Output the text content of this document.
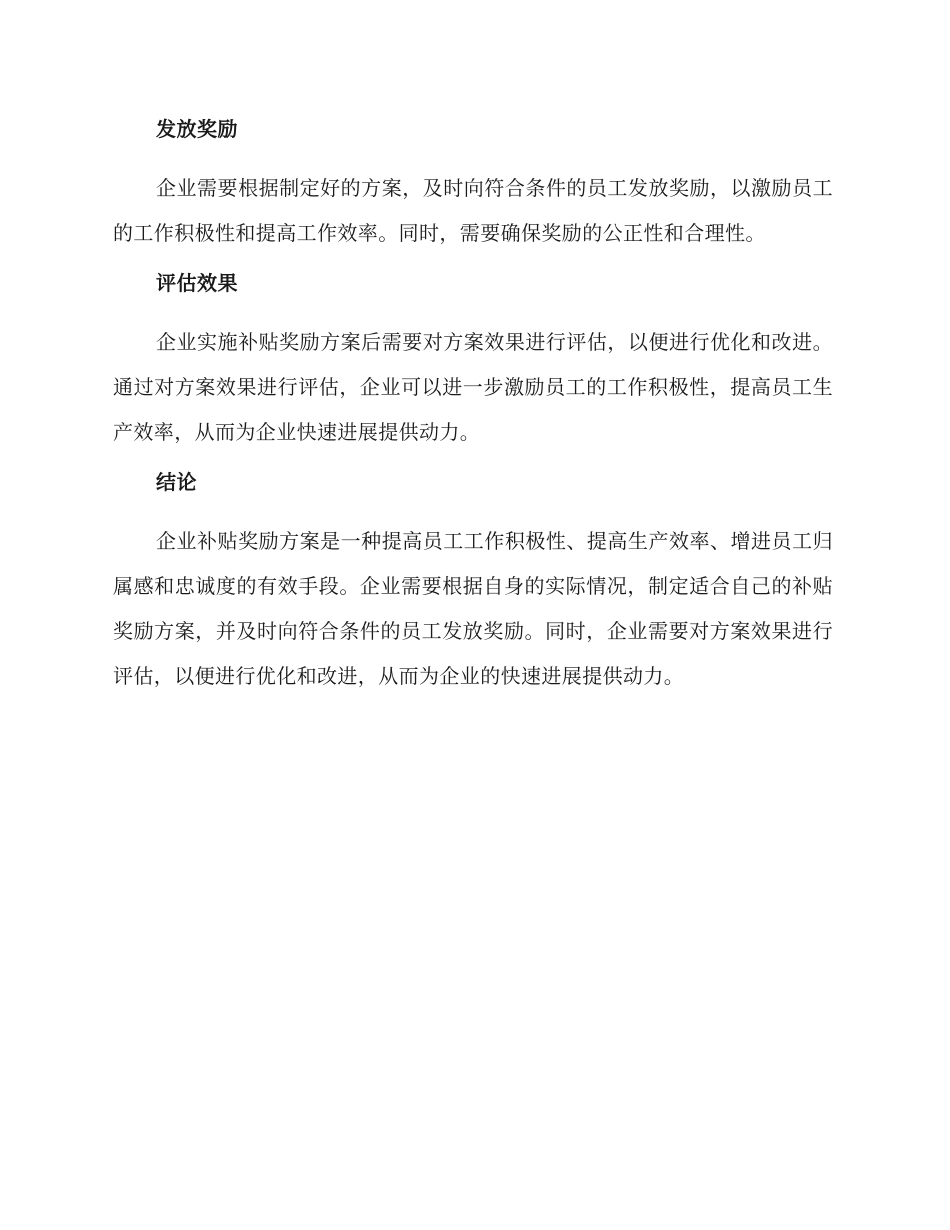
发放奖励

企业需要根据制定好的方案，及时向符合条件的员工发放奖励，以激励员工的工作积极性和提高工作效率。同时，需要确保奖励的公正性和合理性。

评估效果

企业实施补贴奖励方案后需要对方案效果进行评估，以便进行优化和改进。通过对方案效果进行评估，企业可以进一步激励员工的工作积极性，提高员工生产效率，从而为企业快速进展提供动力。

结论

企业补贴奖励方案是一种提高员工工作积极性、提高生产效率、增进员工归属感和忠诚度的有效手段。企业需要根据自身的实际情况，制定适合自己的补贴奖励方案，并及时向符合条件的员工发放奖励。同时，企业需要对方案效果进行评估，以便进行优化和改进，从而为企业的快速进展提供动力。
